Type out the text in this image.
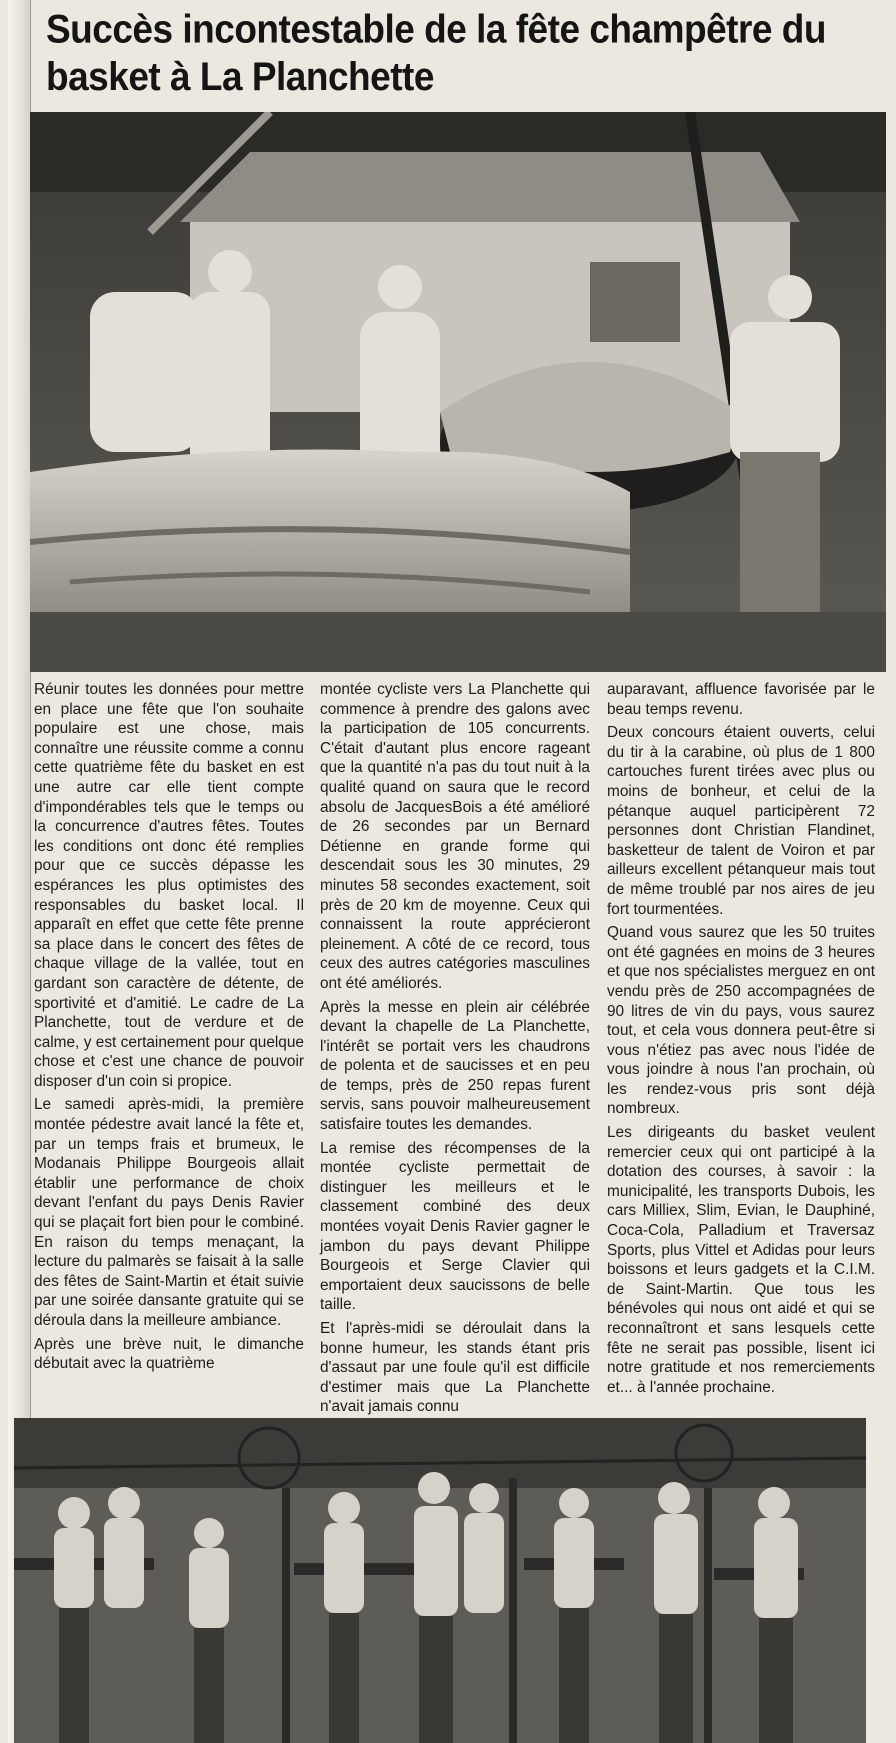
Succès incontestable de la fête champêtre du basket à La Planchette

Réunir toutes les données pour mettre en place une fête que l'on souhaite populaire est une chose, mais connaître une réussite comme a connu cette quatrième fête du basket en est une autre car elle tient compte d'impondérables tels que le temps ou la concurrence d'autres fêtes. Toutes les conditions ont donc été remplies pour que ce succès dépasse les espérances les plus optimistes des responsables du basket local. Il apparaît en effet que cette fête prenne sa place dans le concert des fêtes de chaque village de la vallée, tout en gardant son caractère de détente, de sportivité et d'amitié. Le cadre de La Planchette, tout de verdure et de calme, y est certainement pour quelque chose et c'est une chance de pouvoir disposer d'un coin si propice.

Le samedi après-midi, la première montée pédestre avait lancé la fête et, par un temps frais et brumeux, le Modanais Philippe Bourgeois allait établir une performance de choix devant l'enfant du pays Denis Ravier qui se plaçait fort bien pour le combiné. En raison du temps menaçant, la lecture du palmarès se faisait à la salle des fêtes de Saint-Martin et était suivie par une soirée dansante gratuite qui se déroula dans la meilleure ambiance.

Après une brève nuit, le dimanche débutait avec la quatrième

montée cycliste vers La Planchette qui commence à prendre des galons avec la participation de 105 concurrents. C'était d'autant plus encore rageant que la quantité n'a pas du tout nuit à la qualité quand on saura que le record absolu de JacquesBois a été amélioré de 26 secondes par un Bernard Détienne en grande forme qui descendait sous les 30 minutes, 29 minutes 58 secondes exactement, soit près de 20 km de moyenne. Ceux qui connaissent la route apprécieront pleinement. A côté de ce record, tous ceux des autres catégories masculines ont été améliorés.

Après la messe en plein air célébrée devant la chapelle de La Planchette, l'intérêt se portait vers les chaudrons de polenta et de saucisses et en peu de temps, près de 250 repas furent servis, sans pouvoir malheureusement satisfaire toutes les demandes.

La remise des récompenses de la montée cycliste permettait de distinguer les meilleurs et le classement combiné des deux montées voyait Denis Ravier gagner le jambon du pays devant Philippe Bourgeois et Serge Clavier qui emportaient deux saucissons de belle taille.

Et l'après-midi se déroulait dans la bonne humeur, les stands étant pris d'assaut par une foule qu'il est difficile d'estimer mais que La Planchette n'avait jamais connu

auparavant, affluence favorisée par le beau temps revenu.

Deux concours étaient ouverts, celui du tir à la carabine, où plus de 1 800 cartouches furent tirées avec plus ou moins de bonheur, et celui de la pétanque auquel participèrent 72 personnes dont Christian Flandinet, basketteur de talent de Voiron et par ailleurs excellent pétanqueur mais tout de même troublé par nos aires de jeu fort tourmentées.

Quand vous saurez que les 50 truites ont été gagnées en moins de 3 heures et que nos spécialistes merguez en ont vendu près de 250 accompagnées de 90 litres de vin du pays, vous saurez tout, et cela vous donnera peut-être si vous n'étiez pas avec nous l'idée de vous joindre à nous l'an prochain, où les rendez-vous pris sont déjà nombreux.

Les dirigeants du basket veulent remercier ceux qui ont participé à la dotation des courses, à savoir : la municipalité, les transports Dubois, les cars Milliex, Slim, Evian, le Dauphiné, Coca-Cola, Palladium et Traversaz Sports, plus Vittel et Adidas pour leurs boissons et leurs gadgets et la C.I.M. de Saint-Martin. Que tous les bénévoles qui nous ont aidé et qui se reconnaîtront et sans lesquels cette fête ne serait pas possible, lisent ici notre gratitude et nos remerciements et... à l'année prochaine.
